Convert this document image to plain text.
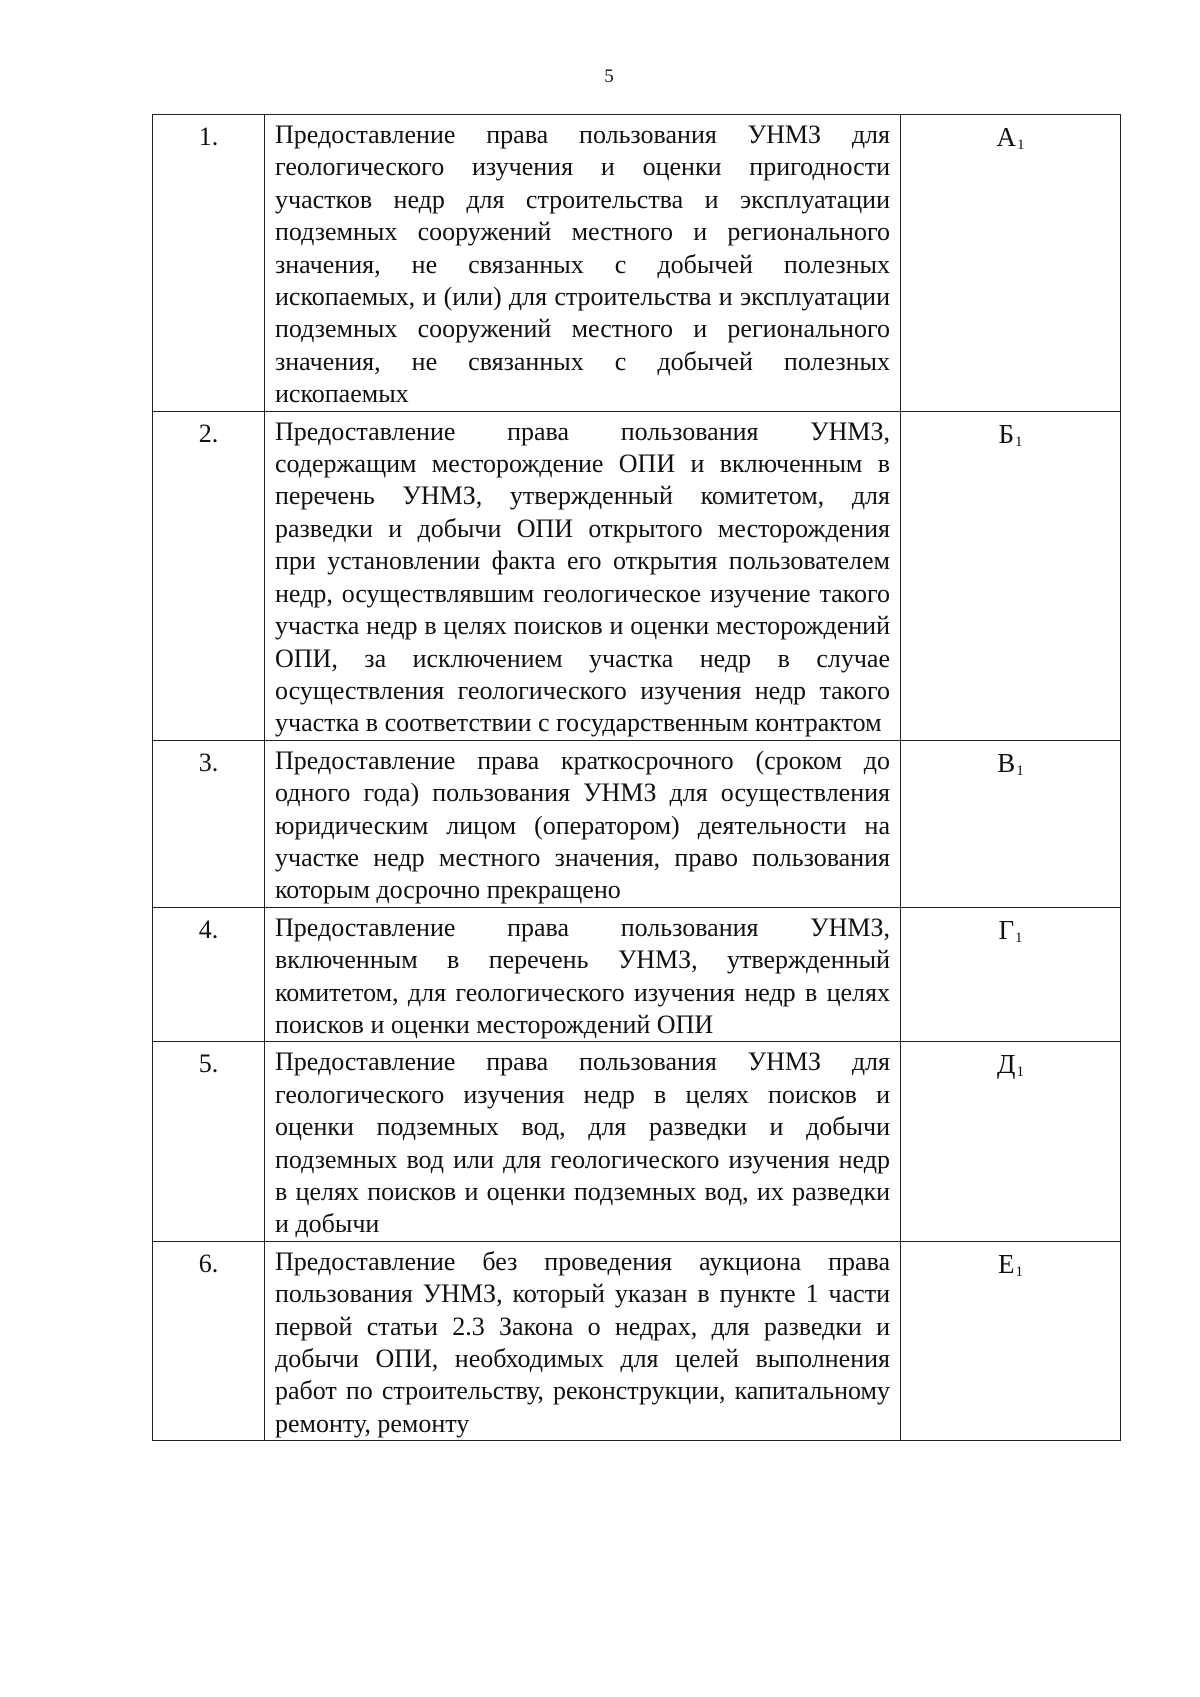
5
1.	Предоставление права пользования УНМЗ для геологического изучения и оценки пригодности участков недр для строительства и эксплуатации подземных сооружений местного и регионального значения, не связанных с добычей полезных ископаемых, и (или) для строительства и эксплуатации подземных сооружений местного и регионального значения, не связанных с добычей полезных ископаемых	А1
2.	Предоставление права пользования УНМЗ, содержащим месторождение ОПИ и включенным в перечень УНМЗ, утвержденный комитетом, для разведки и добычи ОПИ открытого месторождения при установлении факта его открытия пользователем недр, осуществлявшим геологическое изучение такого участка недр в целях поисков и оценки месторождений ОПИ, за исключением участка недр в случае осуществления геологического изучения недр такого участка в соответствии с государственным контрактом	Б1
3.	Предоставление права краткосрочного (сроком до одного года) пользования УНМЗ для осуществления юридическим лицом (оператором) деятельности на участке недр местного значения, право пользования которым досрочно прекращено	В1
4.	Предоставление права пользования УНМЗ, включенным в перечень УНМЗ, утвержденный комитетом, для геологического изучения недр в целях поисков и оценки месторождений ОПИ	Г1
5.	Предоставление права пользования УНМЗ для геологического изучения недр в целях поисков и оценки подземных вод, для разведки и добычи подземных вод или для геологического изучения недр в целях поисков и оценки подземных вод, их разведки и добычи	Д1
6.	Предоставление без проведения аукциона права пользования УНМЗ, который указан в пункте 1 части первой статьи 2.3 Закона о недрах, для разведки и добычи ОПИ, необходимых для целей выполнения работ по строительству, реконструкции, капитальному ремонту, ремонту	Е1
